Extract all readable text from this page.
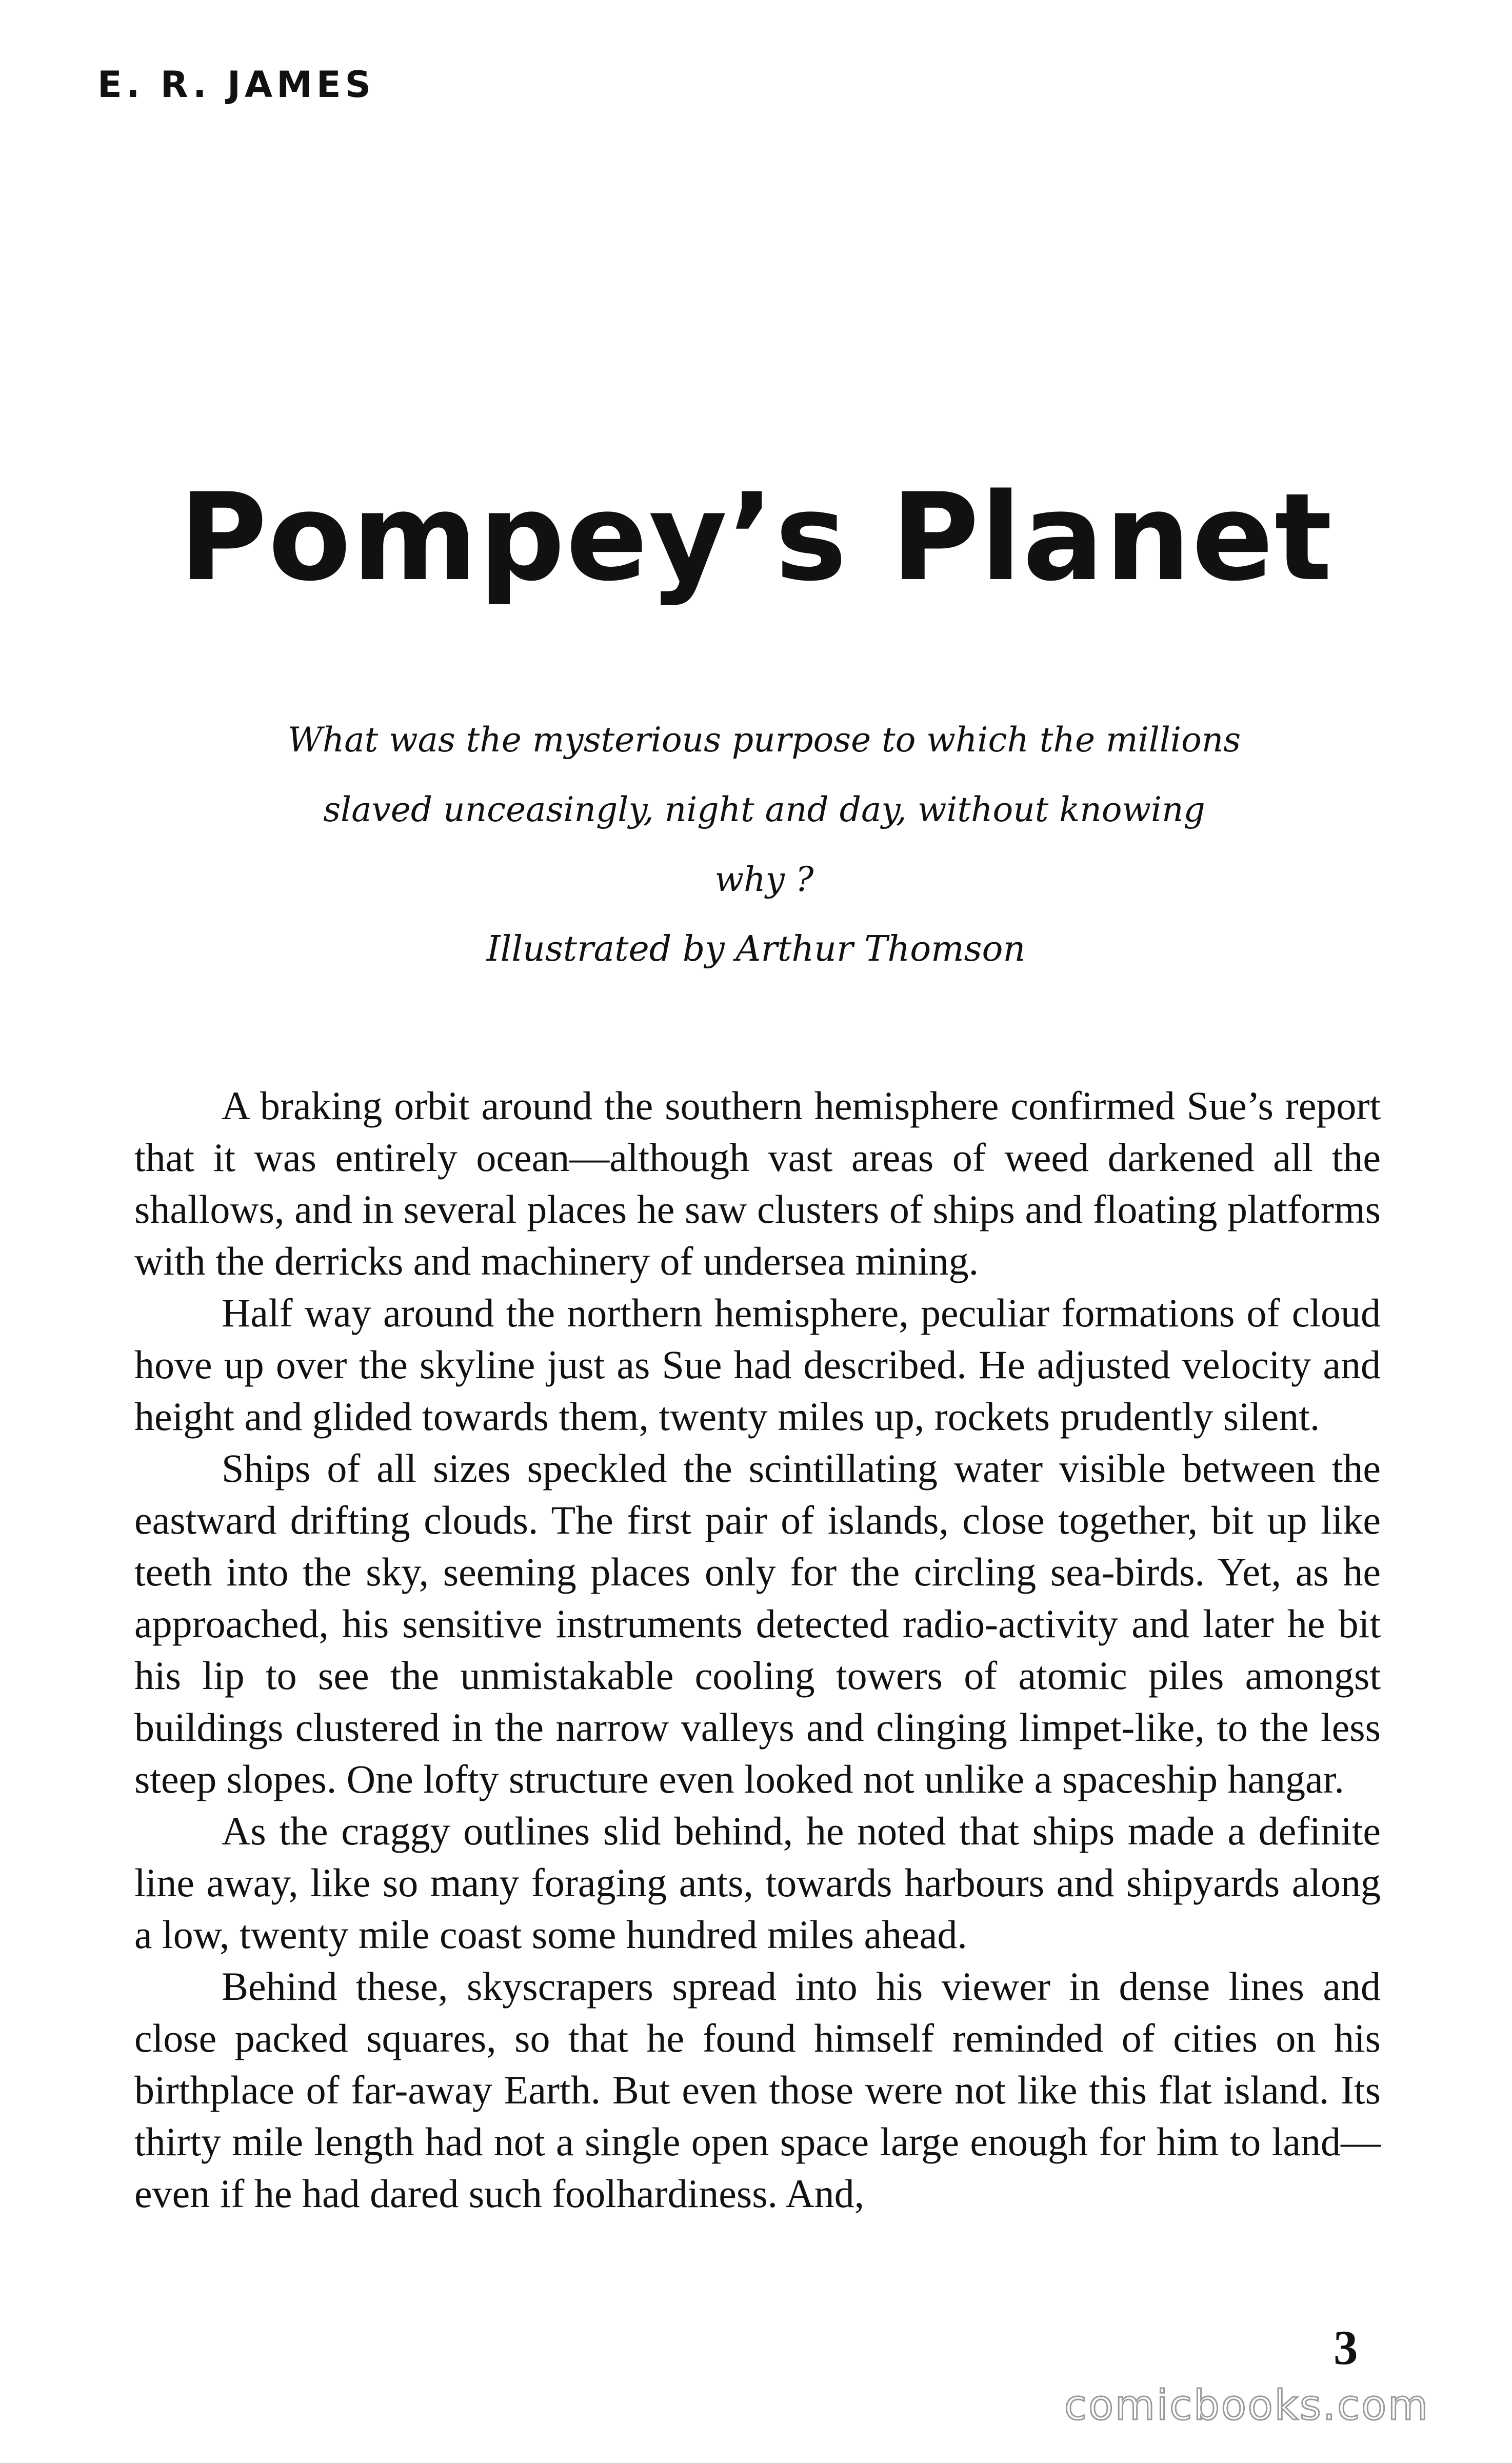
E. R. JAMES
Pompey’s Planet
What was the mysterious purpose to which the millions
slaved unceasingly, night and day, without knowing why ?
Illustrated by Arthur Thomson

A braking orbit around the southern hemisphere confirmed Sue’s report that it was entirely ocean—although vast areas of weed darkened all the shallows, and in several places he saw clusters of ships and floating platforms with the derricks and machinery of undersea mining.

Half way around the northern hemisphere, peculiar formations of cloud hove up over the skyline just as Sue had described. He adjusted velocity and height and glided towards them, twenty miles up, rockets prudently silent.

Ships of all sizes speckled the scintillating water visible between the eastward drifting clouds. The first pair of islands, close together, bit up like teeth into the sky, seeming places only for the circling sea-birds. Yet, as he approached, his sensitive instruments detected radio-activity and later he bit his lip to see the unmistakable cooling towers of atomic piles amongst buildings clustered in the narrow valleys and clinging limpet-like, to the less steep slopes. One lofty structure even looked not unlike a spaceship hangar.

As the craggy outlines slid behind, he noted that ships made a definite line away, like so many foraging ants, towards harbours and shipyards along a low, twenty mile coast some hundred miles ahead.

Behind these, skyscrapers spread into his viewer in dense lines and close packed squares, so that he found himself reminded of cities on his birthplace of far-away Earth. But even those were not like this flat island. Its thirty mile length had not a single open space large enough for him to land—even if he had dared such foolhardiness. And,

3
comicbooks.com
